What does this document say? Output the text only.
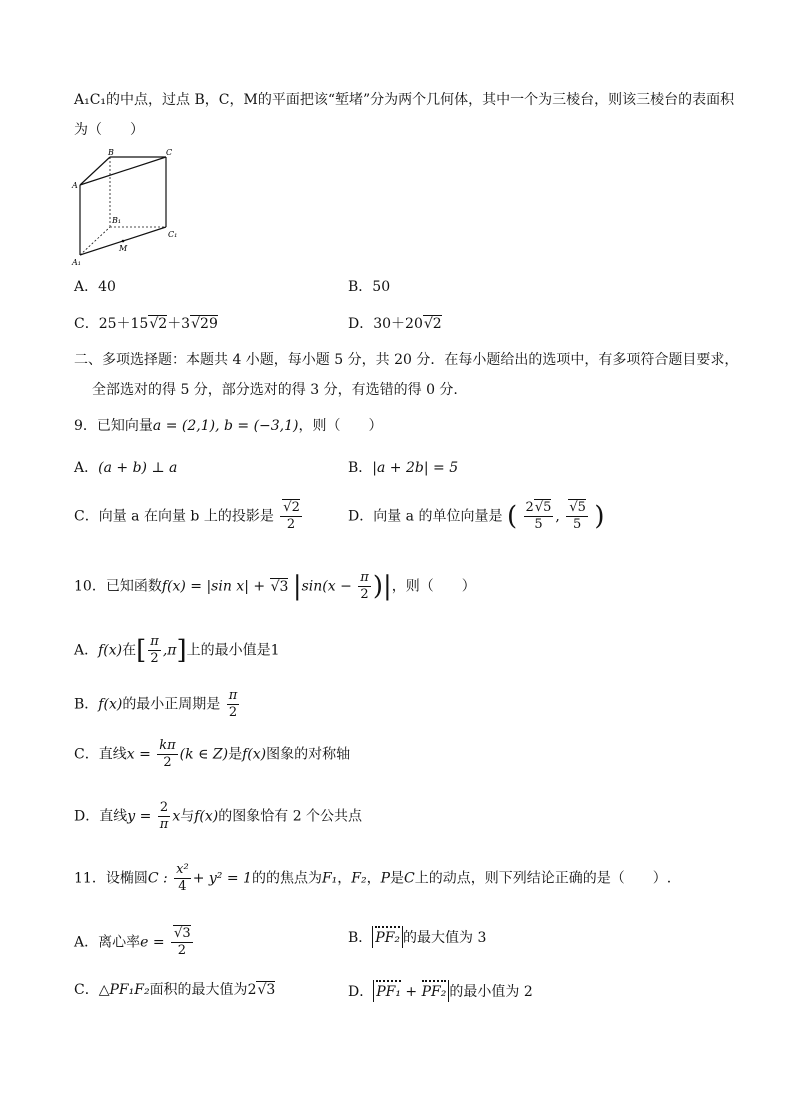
A₁C₁的中点，过点 B，C，M的平面把该“堑堵”分为两个几何体，其中一个为三棱台，则该三棱台的表面积
为（　　）
B	C
A
B₁
C₁
M
A₁
A．40	B．50
C．25＋15 √ 2＋3 √ 29	D．30＋20 √ 2
二、多项选择题：本题共 4 小题，每小题 5 分，共 20 分．在每小题给出的选项中，有多项符合题目要求，
全部选对的得 5 分，部分选对的得 3 分，有选错的得 0 分.
9．已知向量a = (2,1), b = (−3,1)，则（　　）
A．(a + b) ⊥ a	B．|a + 2b| = 5
C．向量 a 在向量 b 上的投影是 √ $\frac{2}{2}$	D．向量 a 的单位向量是 ( $\frac{2 √ 5}{5}$ , √ $\frac{5}{5}$ )
10．已知函数f(x) = |sin x| + √ 3 $|\sin(x - \frac{\pi}{2}$ )|，则（　　）
A．f(x)在[ $\frac{\pi}{2} ,\pi$]上的最小值是1
B．f(x)的最小正周期是 $\frac{\pi}{2}$
C．直线$x = \frac{k\pi}{2} (k$ ∈ Z)是f(x)图象的对称轴
D．直线$y = \frac{2}{\pi}$ x与f(x)的图象恰有 2 个公共点
11．设椭圆C : $\frac{\text{x²}}{4} + y^2 = 1$的的焦点为F₁，F₂，P是C上的动点，则下列结论正确的是（　　）.
A．离心率e = √ $\frac{3}{2}$	B． PF₂ 的最大值为 3
C．△PF₁F₂面积的最大值为2 √ 3	D． PF₁ + PF₂ 的最小值为 2
